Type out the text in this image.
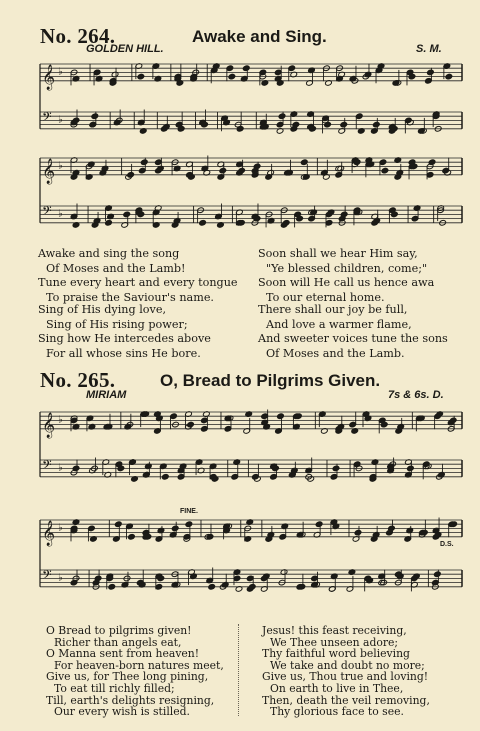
No. 264.	Awake and Sing.
GOLDEN HILL.	S. M.
𝄞 ♭
𝄢 ♭
𝄞 ♭
𝄢 ♭
Awake and sing the song
Of Moses and the Lamb!
Tune every heart and every tongue
To praise the Saviour's name.
Sing of His dying love,
Sing of His rising power;
Sing how He intercedes above
For all whose sins He bore.
Soon shall we hear Him say,
"Ye blessed children, come;"
Soon will He call us hence awa
To our eternal home.
There shall our joy be full,
And love a warmer flame,
And sweeter voices tune the sons
Of Moses and the Lamb.
No. 265.	O, Bread to Pilgrims Given.
MIRIAM	7s & 6s. D.
𝄞 ♭
𝄢 ♭
FINE.
𝄞 ♭
𝄢 ♭
D.S.
O Bread to pilgrims given!
Richer than angels eat,
O Manna sent from heaven!
For heaven-born natures meet,
Give us, for Thee long pining,
To eat till richly filled;
Till, earth's delights resigning,
Our every wish is stilled.
Jesus! this feast receiving,
We Thee unseen adore;
Thy faithful word believing
We take and doubt no more;
Give us, Thou true and loving!
On earth to live in Thee,
Then, death the veil removing,
Thy glorious face to see.
